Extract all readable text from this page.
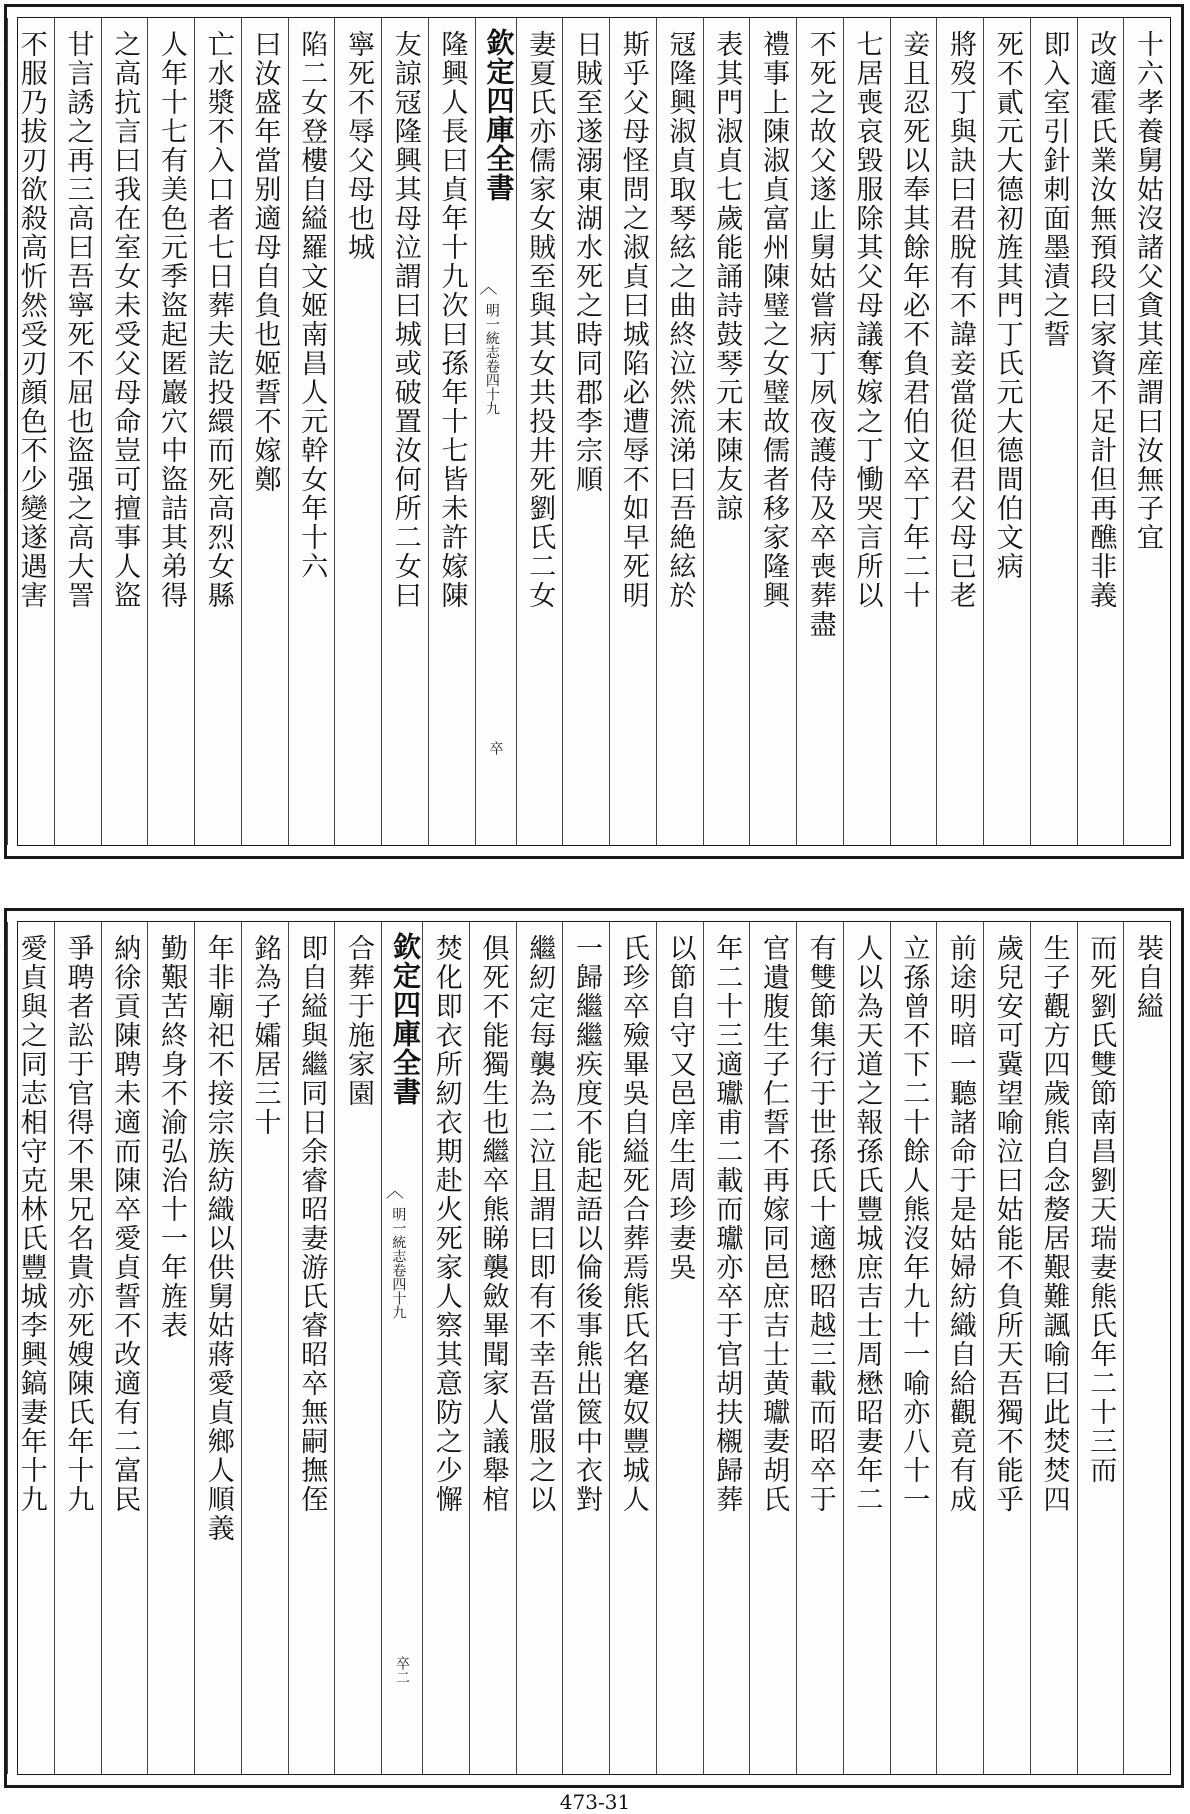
十六孝養舅姑沒諸父貪其産謂曰汝無子宜
改適霍氏業汝無預段曰家資不足計但再醮非義
即入室引針刺面墨漬之誓
死不貳元大德初旌其門丁氏元大德間伯文病
將歿丁與訣曰君脫有不諱妾當從但君父母已老
妾且忍死以奉其餘年必不負君伯文卒丁年二十
七居喪哀毀服除其父母議奪嫁之丁慟哭言所以
不死之故父遂止舅姑嘗病丁夙夜護侍及卒喪葬盡
禮事上陳淑貞富州陳璧之女璧故儒者移家隆興
表其門淑貞七歲能誦詩鼓琴元末陳友諒
冦隆興淑貞取琴絃之曲終泣然流涕曰吾絶絃於
斯乎父母怪問之淑貞曰城陷必遭辱不如早死明
日賊至遂溺東湖水死之時同郡李宗順
妻夏氏亦儒家女賊至與其女共投井死劉氏二女
欽定四庫全書
︿
明一統志卷四十九
卒
隆興人長曰貞年十九次曰孫年十七皆未許嫁陳
友諒冦隆興其母泣謂曰城或破置汝何所二女曰
寧死不辱父母也城
陷二女登樓自縊羅文姬南昌人元幹女年十六
曰汝盛年當别適母自負也姬誓不嫁鄭
亡水漿不入口者七日葬夫訖投繯而死高烈女縣
人年十七有美色元季盜起匿巖穴中盜詰其弟得
之高抗言曰我在室女未受父母命豈可擅事人盜
甘言誘之再三高曰吾寧死不屈也盜强之高大詈
不服乃拔刃欲殺高忻然受刃顔色不少變遂遇害
裝自縊
而死劉氏雙節南昌劉天瑞妻熊氏年二十三而
生子觀方四歲熊自念嫠居艱難諷喻曰此焚焚四
歲兒安可冀望喻泣曰姑能不負所天吾獨不能乎
前途明暗一聽諸命于是姑婦紡織自給觀竟有成
立孫曾不下二十餘人熊沒年九十一喻亦八十一
人以為天道之報孫氏豐城庶吉士周懋昭妻年二
有雙節集行于世孫氏十適懋昭越三載而昭卒于
官遺腹生子仁誓不再嫁同邑庶吉士黄瓛妻胡氏
年二十三適瓛甫二載而瓛亦卒于官胡扶櫬歸葬
以節自守又邑庠生周珍妻吳
氏珍卒殮畢吳自縊死合葬焉熊氏名蹇奴豐城人
一歸繼繼疾度不能起語以倫後事熊出篋中衣對
繼紉定每襲為二泣且謂曰即有不幸吾當服之以
俱死不能獨生也繼卒熊睇襲斂畢聞家人議舉棺
焚化即衣所紉衣期赴火死家人察其意防之少懈
欽定四庫全書
︿
明一統志卷四十九
卒二
合葬于施家園
即自縊與繼同日余睿昭妻游氏睿昭卒無嗣撫侄
銘為子孀居三十
年非廟祀不接宗族紡織以供舅姑蔣愛貞鄉人順義
勤艱苦終身不渝弘治十一年旌表
納徐貢陳聘未適而陳卒愛貞誓不改適有二富民
爭聘者訟于官得不果兄名貴亦死嫂陳氏年十九
愛貞與之同志相守克林氏豐城李興鎬妻年十九
473-31
